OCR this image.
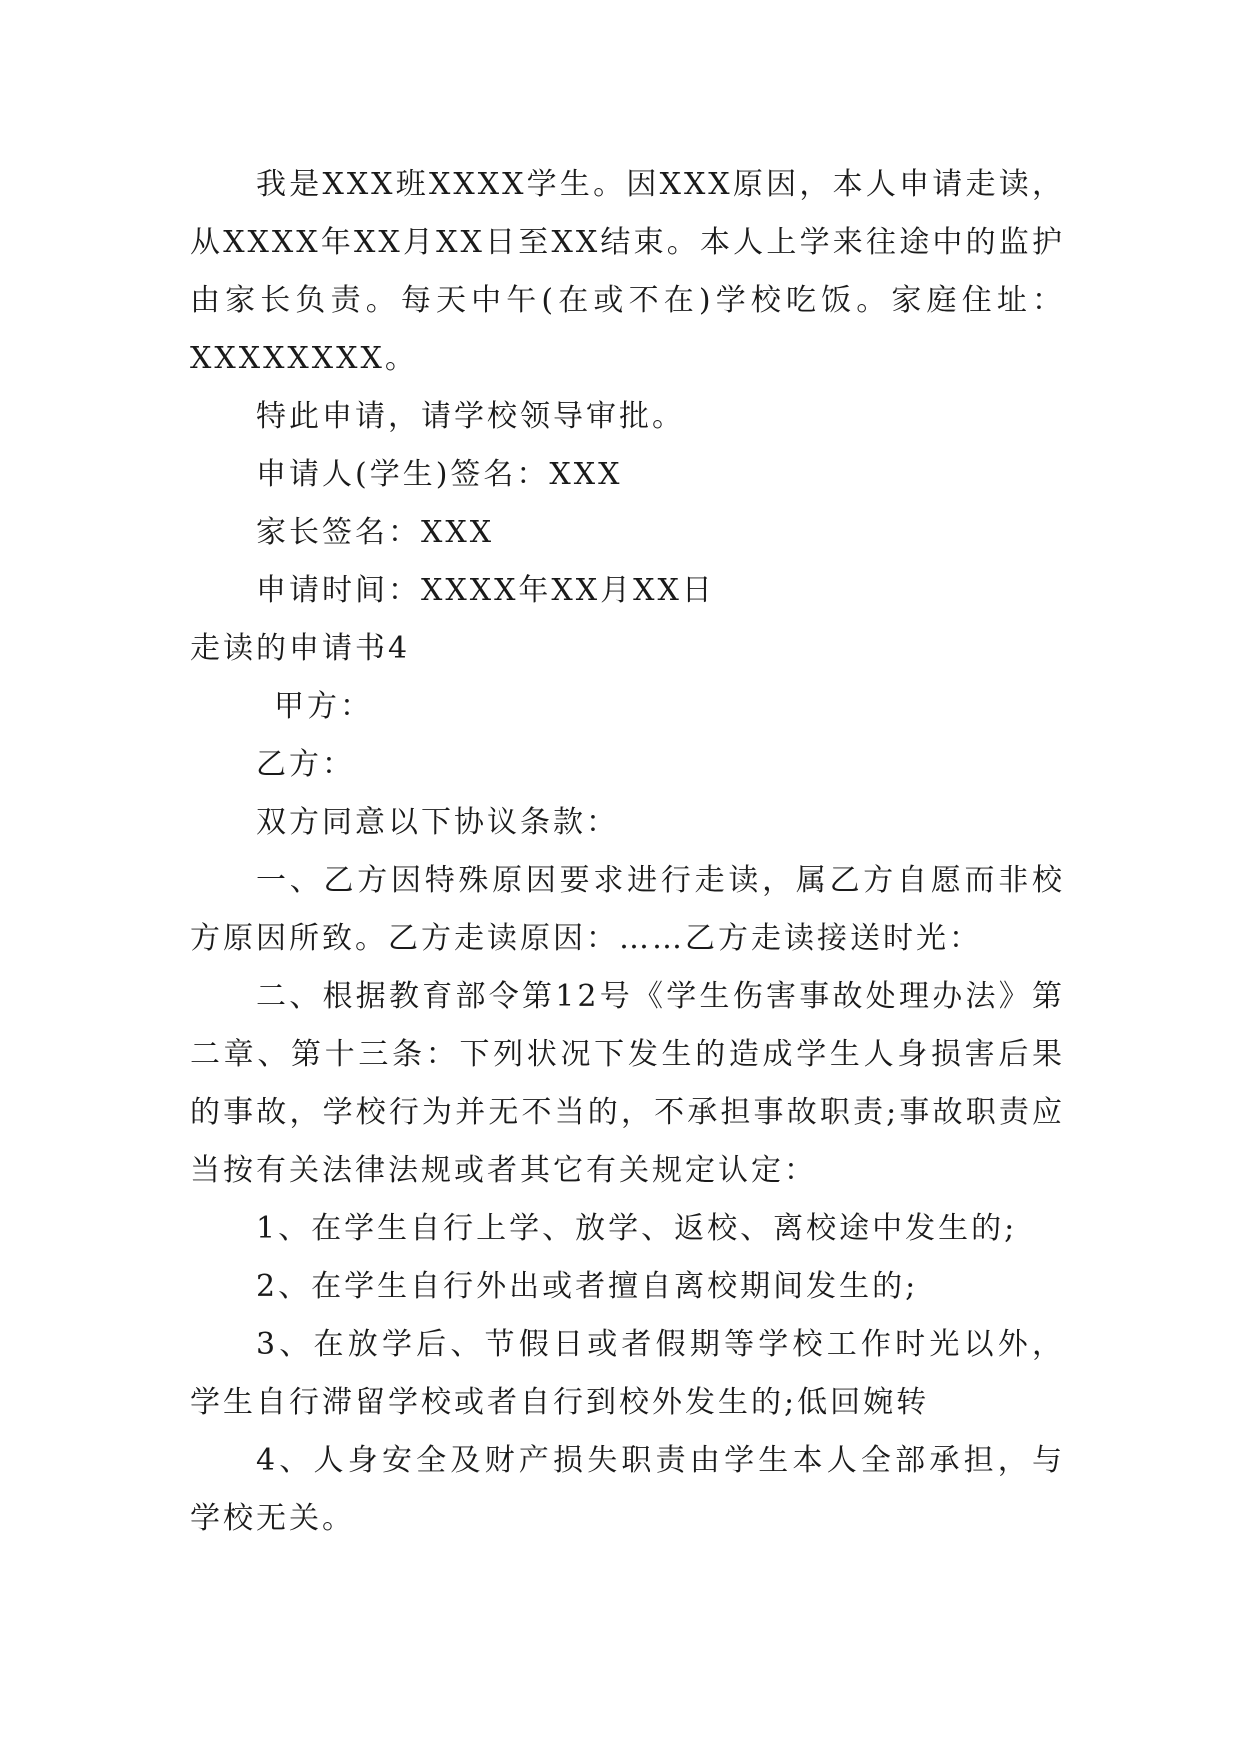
我是XXX班XXXX学生。因XXX原因，本人申请走读，从XXXX年XX月XX日至XX结束。本人上学来往途中的监护由家长负责。每天中午(在或不在)学校吃饭。家庭住址：XXXXXXXX。

特此申请，请学校领导审批。

申请人(学生)签名：XXX

家长签名：XXX

申请时间：XXXX年XX月XX日

走读的申请书4

甲方：

乙方：

双方同意以下协议条款：

一、乙方因特殊原因要求进行走读，属乙方自愿而非校方原因所致。乙方走读原因：……乙方走读接送时光：

二、根据教育部令第12号《学生伤害事故处理办法》第二章、第十三条：下列状况下发生的造成学生人身损害后果的事故，学校行为并无不当的，不承担事故职责;事故职责应当按有关法律法规或者其它有关规定认定：

1、在学生自行上学、放学、返校、离校途中发生的;

2、在学生自行外出或者擅自离校期间发生的;

3、在放学后、节假日或者假期等学校工作时光以外，学生自行滞留学校或者自行到校外发生的;低回婉转

4、人身安全及财产损失职责由学生本人全部承担，与学校无关。
